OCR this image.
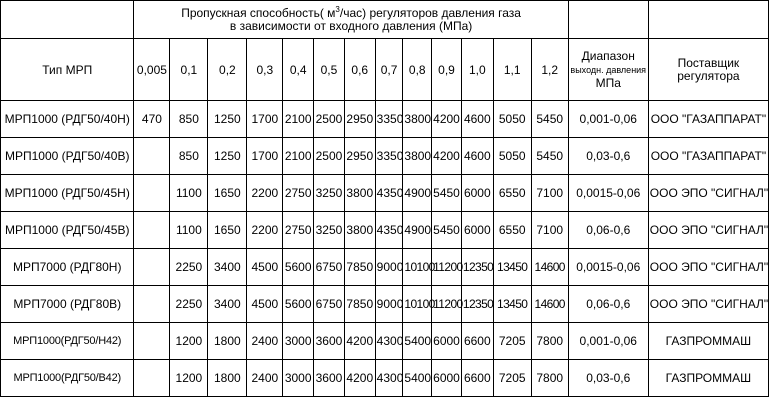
	Пропускная способность( $м^3/час$) регуляторов давления газа
в зависимости от входного давления (МПа)														
Тип МРП	0,005	0,1	0,2	0,3	0,4	0,5	0,6	0,7	0,8	0,9	1,0	1,1	1,2	Диапазон
выходн. давления
МПа	Поставщик
регулятора
МРП1000 (РДГ50/40Н)	470	850	1250	1700	2100	2500	2950	3350	3800	4200	4600	5050	5450	0,001-0,06	ООО "ГАЗАППАРАТ"
МРП1000 (РДГ50/40В)		850	1250	1700	2100	2500	2950	3350	3800	4200	4600	5050	5450	0,03-0,6	ООО "ГАЗАППАРАТ"
МРП1000 (РДГ50/45Н)		1100	1650	2200	2750	3250	3800	4350	4900	5450	6000	6550	7100	0,0015-0,06	ООО ЭПО "СИГНАЛ"
МРП1000 (РДГ50/45В)		1100	1650	2200	2750	3250	3800	4350	4900	5450	6000	6550	7100	0,06-0,6	ООО ЭПО "СИГНАЛ"
МРП7000 (РДГ80Н)		2250	3400	4500	5600	6750	7850	9000	10100	11200	12350	13450	14600	0,0015-0,06	ООО ЭПО "СИГНАЛ"
МРП7000 (РДГ80В)		2250	3400	4500	5600	6750	7850	9000	10100	11200	12350	13450	14600	0,06-0,6	ООО ЭПО "СИГНАЛ"
МРП1000(РДГ50/Н42)		1200	1800	2400	3000	3600	4200	4300	5400	6000	6600	7205	7800	0,001-0,06	ГАЗПРОММАШ
МРП1000(РДГ50/В42)		1200	1800	2400	3000	3600	4200	4300	5400	6000	6600	7205	7800	0,03-0,6	ГАЗПРОММАШ
